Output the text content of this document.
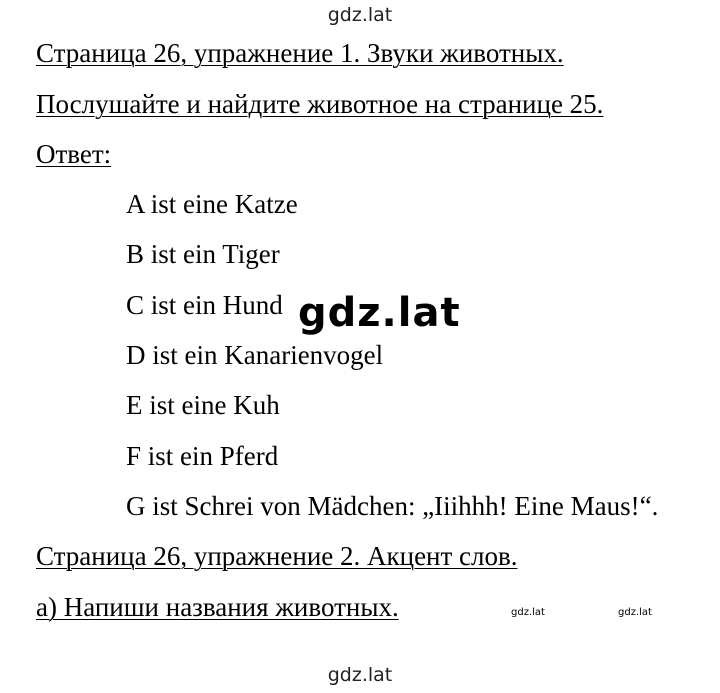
gdz.lat
Страница 26, упражнение 1. Звуки животных.
Послушайте и найдите животное на странице 25.
Ответ:
A ist eine Katze
B ist ein Tiger
C ist ein Hund
D ist ein Kanarienvogel
E ist eine Kuh
F ist ein Pferd
G ist Schrei von Mädchen: „Iiihhh! Eine Maus!“.
Страница 26, упражнение 2. Акцент слов.
а) Напиши названия животных.
gdz.lat
gdz.lat	gdz.lat
gdz.lat
